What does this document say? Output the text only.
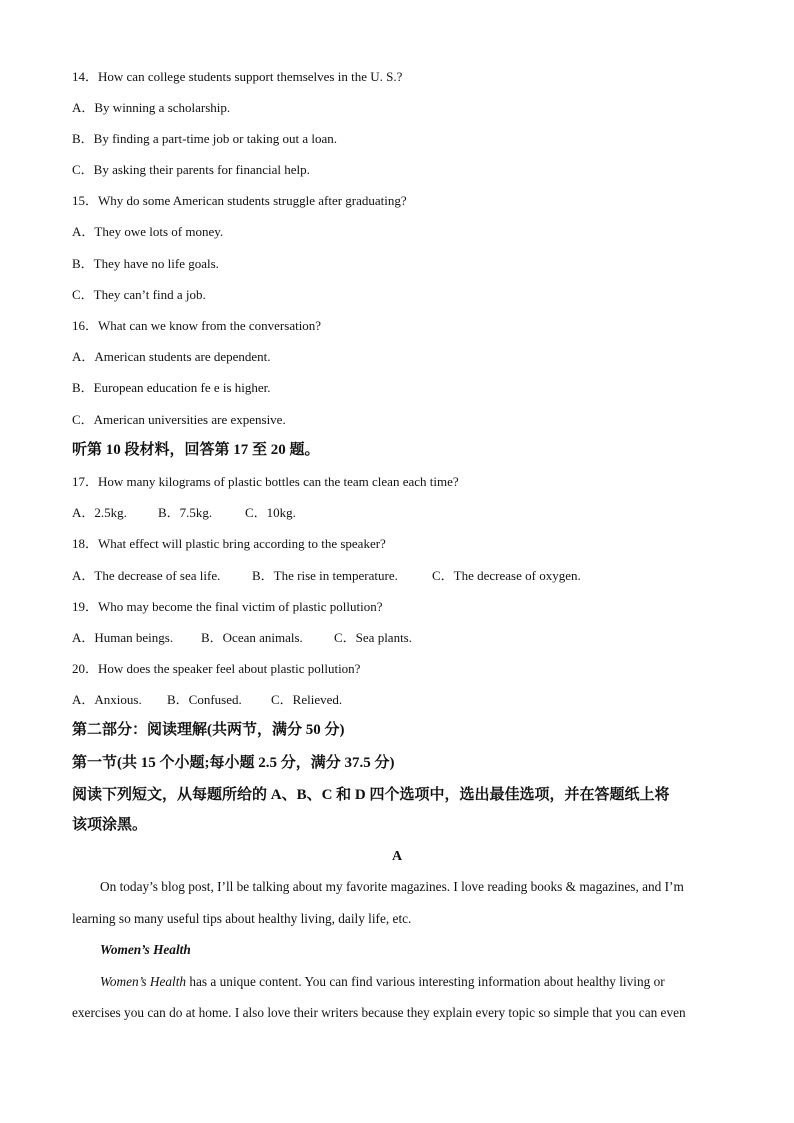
14．How can college students support themselves in the U. S.?
A．By winning a scholarship.
B．By finding a part-time job or taking out a loan.
C．By asking their parents for financial help.
15．Why do some American students struggle after graduating?
A．They owe lots of money.
B．They have no life goals.
C．They can’t find a job.
16．What can we know from the conversation?
A．American students are dependent.
B．European education fe e is higher.
C．American universities are expensive.
听第 10 段材料，回答第 17 至 20 题。
17．How many kilograms of plastic bottles can the team clean each time?
A．2.5kg. B．7.5kg.	C．10kg.
18．What effect will plastic bring according to the speaker?
A．The decrease of sea life. B．The rise in temperature.	C．The decrease of oxygen.
19．Who may become the final victim of plastic pollution?
A．Human beings. B．Ocean animals. C．Sea plants.
20．How does the speaker feel about plastic pollution?
A．Anxious. B．Confused. C．Relieved.
第二部分：阅读理解(共两节，满分 50 分)
第一节(共 15 个小题;每小题 2.5 分，满分 37.5 分)
阅读下列短文，从每题所给的 A、B、C 和 D 四个选项中，选出最佳选项，并在答题纸上将
该项涂黑。
A
On today’s blog post, I’ll be talking about my favorite magazines. I love reading books & magazines, and I’m
learning so many useful tips about healthy living, daily life, etc.
Women’s Health
Women’s Health has a unique content. You can find various interesting information about healthy living or
exercises you can do at home. I also love their writers because they explain every topic so simple that you can even
